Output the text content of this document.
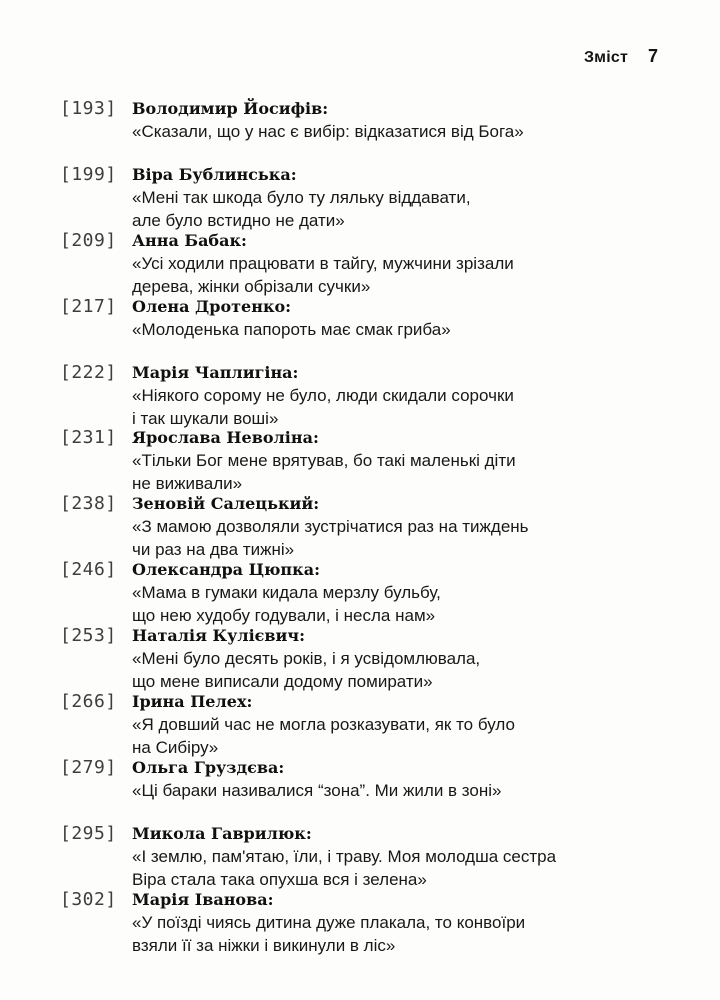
Зміст 7
[193] Володимир Йосифів:
«Сказали, що у нас є вибір: відказатися від Бога»
[199] Віра Бублинська:
«Мені так шкода було ту ляльку віддавати,
але було встидно не дати»
[209] Анна Бабак:
«Усі ходили працювати в тайгу, мужчини зрізали
дерева, жінки обрізали сучки»
[217] Олена Дротенко:
«Молоденька папороть має смак гриба»
[222] Марія Чаплигіна:
«Ніякого сорому не було, люди скидали сорочки
і так шукали воші»
[231] Ярослава Неволіна:
«Тільки Бог мене врятував, бо такі маленькі діти
не виживали»
[238] Зеновій Салецький:
«З мамою дозволяли зустрічатися раз на тиждень
чи раз на два тижні»
[246] Олександра Цюпка:
«Мама в гумаки кидала мерзлу бульбу,
що нею худобу годували, і несла нам»
[253] Наталія Кулієвич:
«Мені було десять років, і я усвідомлювала,
що мене виписали додому помирати»
[266] Ірина Пелех:
«Я довший час не могла розказувати, як то було
на Сибіру»
[279] Ольга Груздєва:
«Ці бараки називалися “зона”. Ми жили в зоні»
[295] Микола Гаврилюк:
«І землю, пам'ятаю, їли, і траву. Моя молодша сестра
Віра стала така опухша вся і зелена»
[302] Марія Іванова:
«У поїзді чиясь дитина дуже плакала, то конвоїри
взяли її за ніжки і викинули в ліс»
